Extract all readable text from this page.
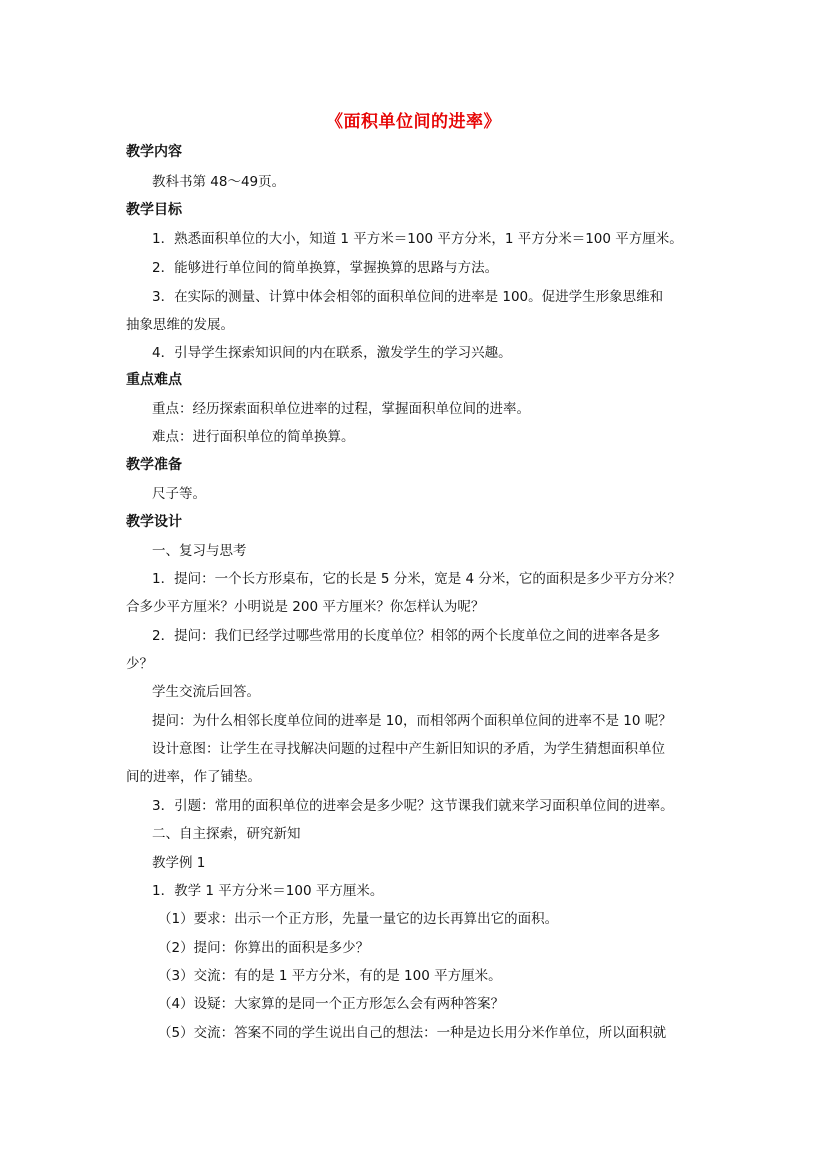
《面积单位间的进率》
教学内容
教科书第 48～49页。
教学目标
1．熟悉面积单位的大小，知道 1 平方米＝100 平方分米，1 平方分米＝100 平方厘米。
2．能够进行单位间的简单换算，掌握换算的思路与方法。
3．在实际的测量、计算中体会相邻的面积单位间的进率是 100。促进学生形象思维和
抽象思维的发展。
4．引导学生探索知识间的内在联系，激发学生的学习兴趣。
重点难点
重点：经历探索面积单位进率的过程，掌握面积单位间的进率。
难点：进行面积单位的简单换算。
教学准备
尺子等。
教学设计
一、复习与思考
1．提问：一个长方形桌布，它的长是 5 分米，宽是 4 分米，它的面积是多少平方分米？
合多少平方厘米？小明说是 200 平方厘米？你怎样认为呢？
2．提问：我们已经学过哪些常用的长度单位？相邻的两个长度单位之间的进率各是多
少？
学生交流后回答。
提问：为什么相邻长度单位间的进率是 10，而相邻两个面积单位间的进率不是 10 呢？
设计意图：让学生在寻找解决问题的过程中产生新旧知识的矛盾，为学生猜想面积单位
间的进率，作了铺垫。
3．引题：常用的面积单位的进率会是多少呢？这节课我们就来学习面积单位间的进率。
二、自主探索，研究新知
教学例 1
1．教学 1 平方分米＝100 平方厘米。
（1）要求：出示一个正方形，先量一量它的边长再算出它的面积。
（2）提问：你算出的面积是多少？
（3）交流：有的是 1 平方分米，有的是 100 平方厘米。
（4）设疑：大家算的是同一个正方形怎么会有两种答案？
（5）交流：答案不同的学生说出自己的想法：一种是边长用分米作单位，所以面积就
